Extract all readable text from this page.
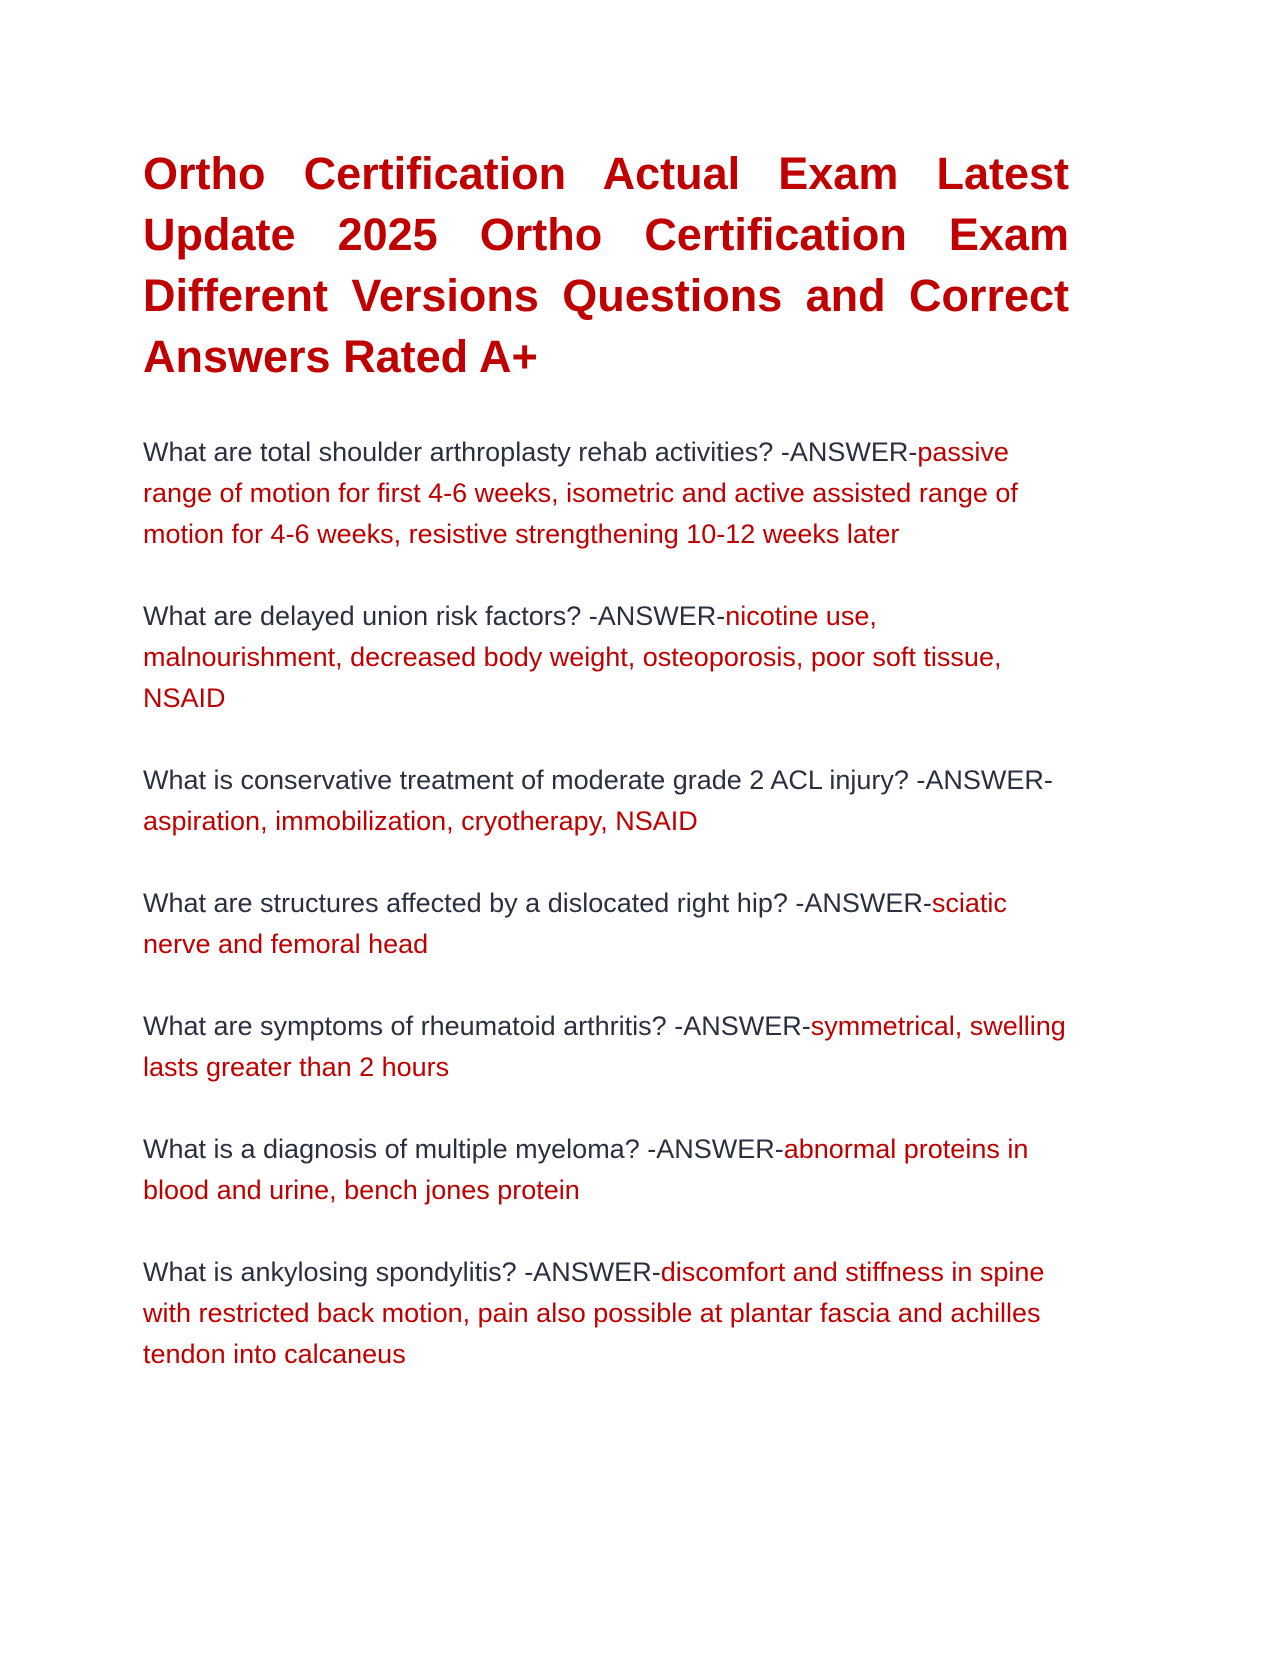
Ortho Certification Actual Exam Latest Update 2025 Ortho Certification Exam Different Versions Questions and Correct Answers Rated A+

What are total shoulder arthroplasty rehab activities? -ANSWER-passive range of motion for first 4-6 weeks, isometric and active assisted range of motion for 4-6 weeks, resistive strengthening 10-12 weeks later

What are delayed union risk factors? -ANSWER-nicotine use, malnourishment, decreased body weight, osteoporosis, poor soft tissue, NSAID

What is conservative treatment of moderate grade 2 ACL injury? -ANSWER-aspiration, immobilization, cryotherapy, NSAID

What are structures affected by a dislocated right hip? -ANSWER-sciatic nerve and femoral head

What are symptoms of rheumatoid arthritis? -ANSWER-symmetrical, swelling lasts greater than 2 hours

What is a diagnosis of multiple myeloma? -ANSWER-abnormal proteins in blood and urine, bench jones protein

What is ankylosing spondylitis? -ANSWER-discomfort and stiffness in spine with restricted back motion, pain also possible at plantar fascia and achilles tendon into calcaneus
